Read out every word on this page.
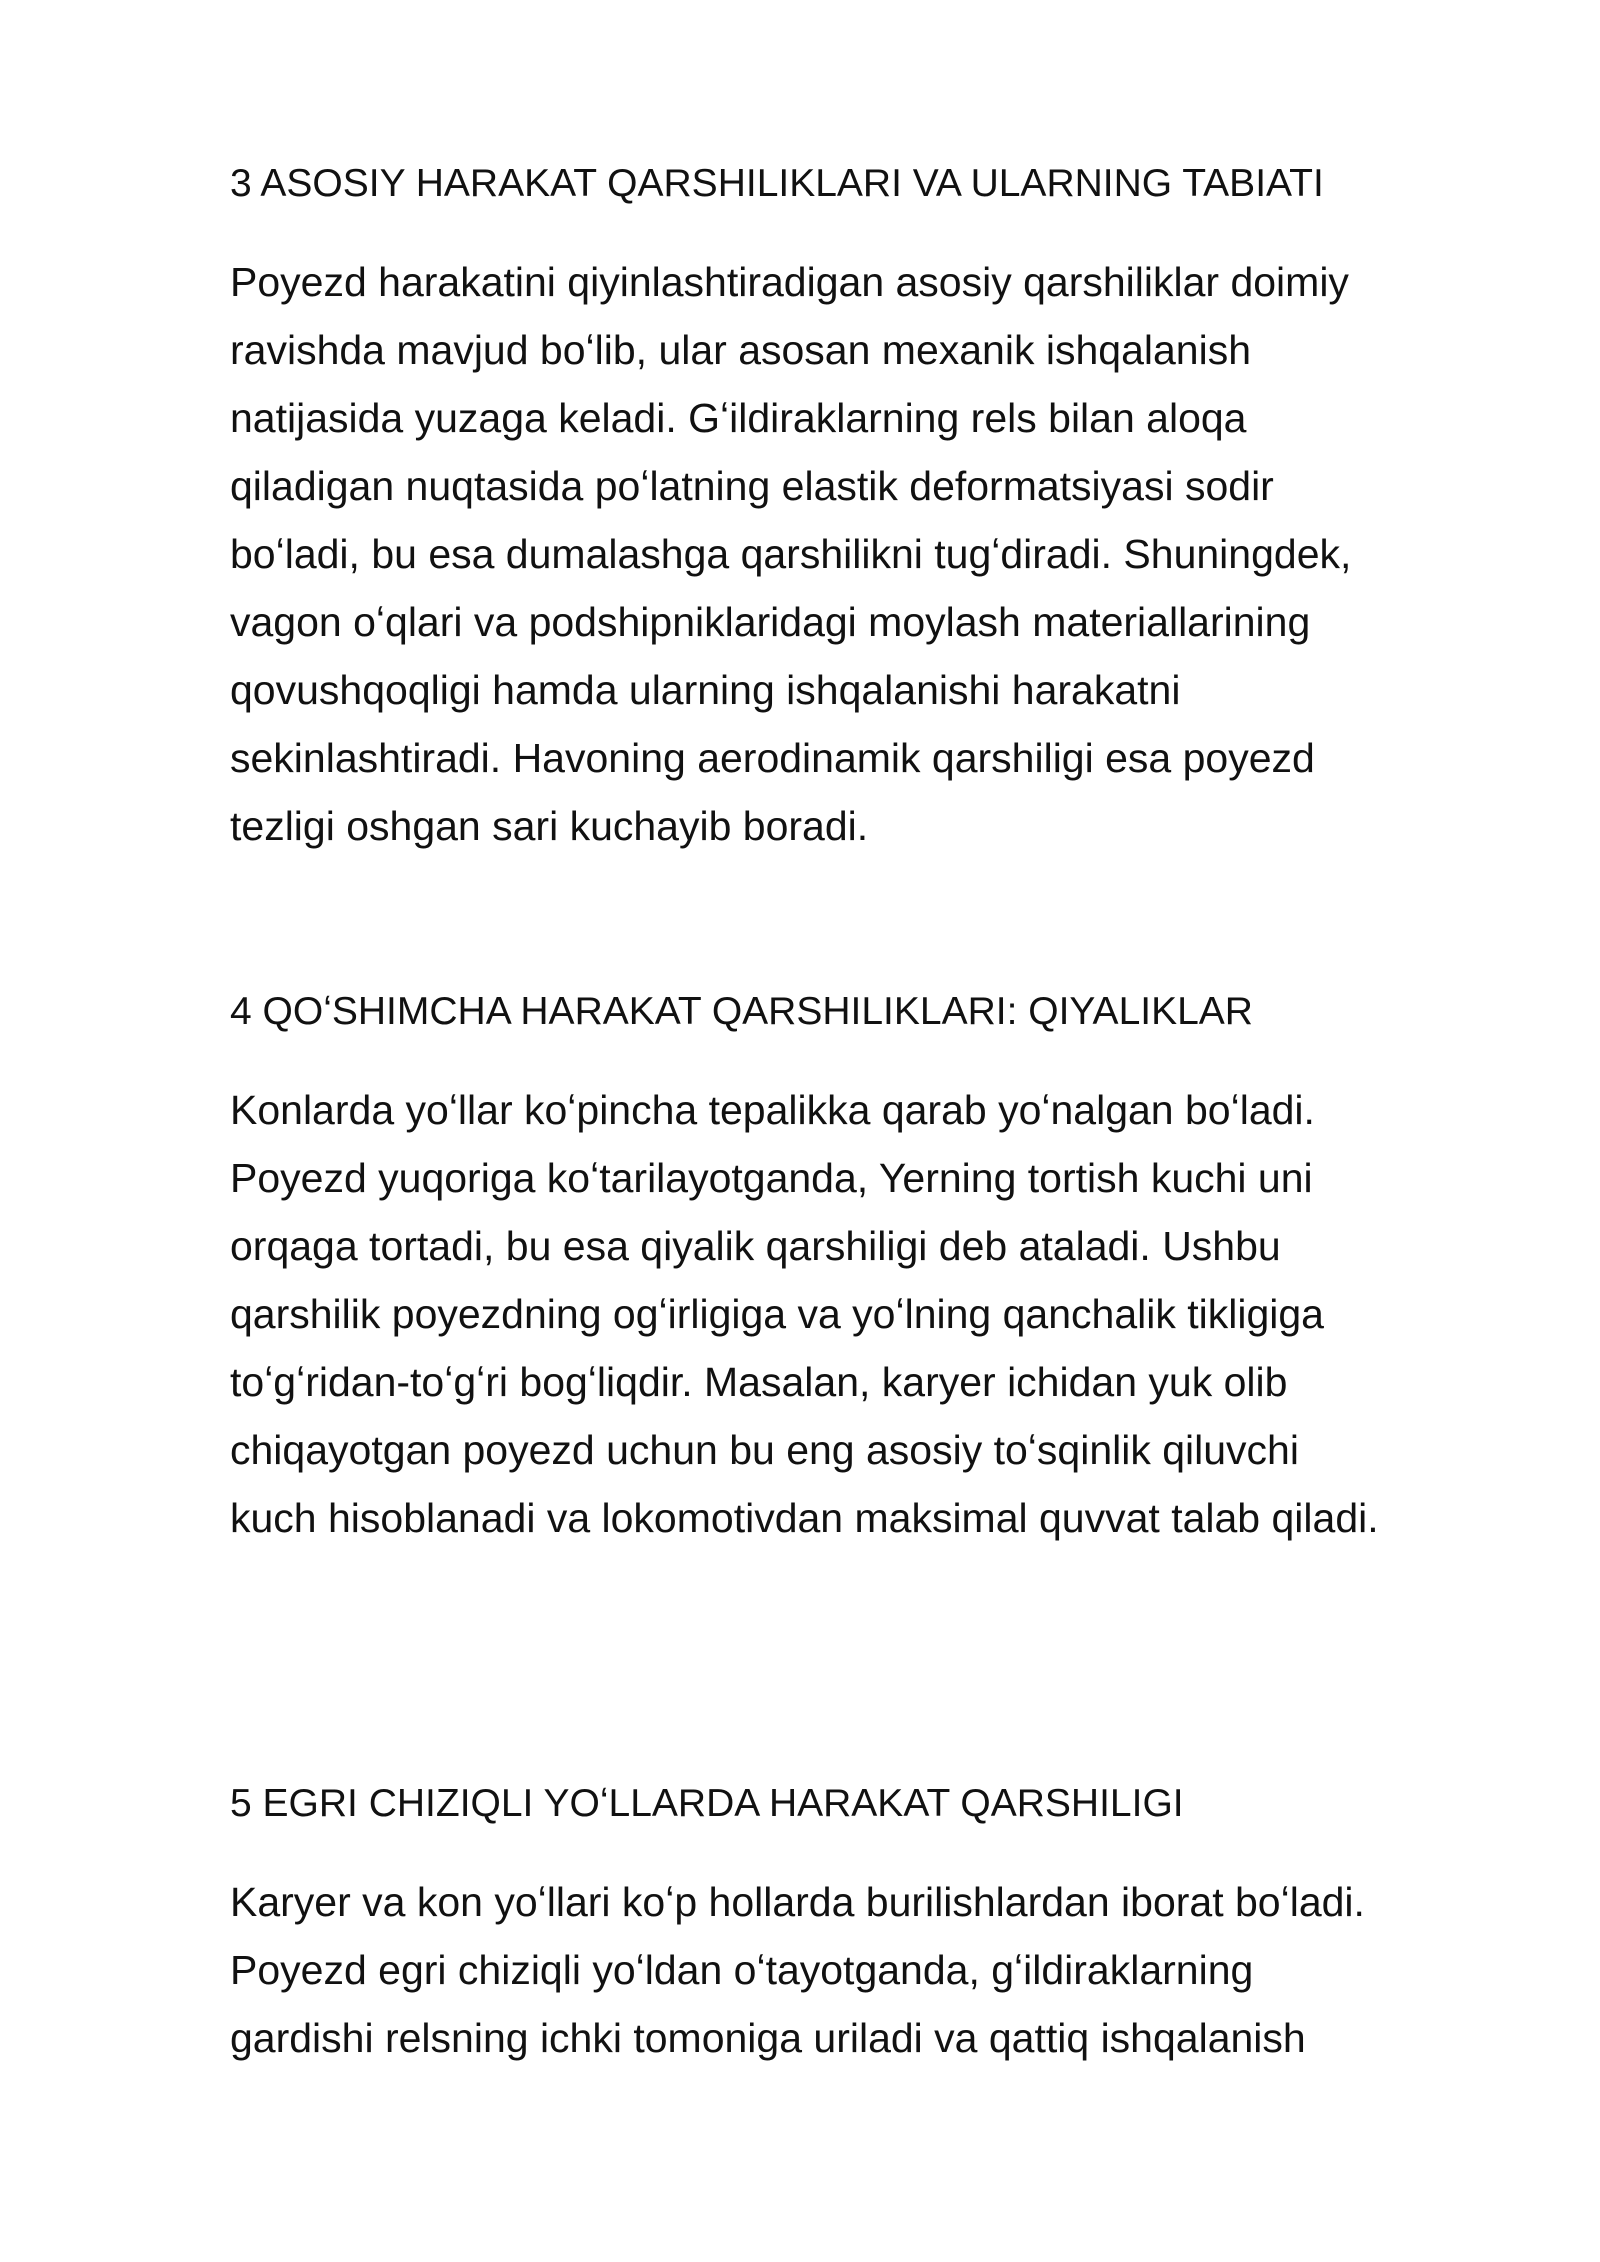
3 ASOSIY HARAKAT QARSHILIKLARI VA ULARNING TABIATI

Poyezd harakatini qiyinlashtiradigan asosiy qarshiliklar doimiy
ravishda mavjud boʻlib, ular asosan mexanik ishqalanish
natijasida yuzaga keladi. Gʻildiraklarning rels bilan aloqa
qiladigan nuqtasida poʻlatning elastik deformatsiyasi sodir
boʻladi, bu esa dumalashga qarshilikni tugʻdiradi. Shuningdek,
vagon oʻqlari va podshipniklaridagi moylash materiallarining
qovushqoqligi hamda ularning ishqalanishi harakatni
sekinlashtiradi. Havoning aerodinamik qarshiligi esa poyezd
tezligi oshgan sari kuchayib boradi.

4 QOʻSHIMCHA HARAKAT QARSHILIKLARI: QIYALIKLAR

Konlarda yoʻllar koʻpincha tepalikka qarab yoʻnalgan boʻladi.
Poyezd yuqoriga koʻtarilayotganda, Yerning tortish kuchi uni
orqaga tortadi, bu esa qiyalik qarshiligi deb ataladi. Ushbu
qarshilik poyezdning ogʻirligiga va yoʻlning qanchalik tikligiga
toʻgʻridan-toʻgʻri bogʻliqdir. Masalan, karyer ichidan yuk olib
chiqayotgan poyezd uchun bu eng asosiy toʻsqinlik qiluvchi
kuch hisoblanadi va lokomotivdan maksimal quvvat talab qiladi.

5 EGRI CHIZIQLI YOʻLLARDA HARAKAT QARSHILIGI

Karyer va kon yoʻllari koʻp hollarda burilishlardan iborat boʻladi.
Poyezd egri chiziqli yoʻldan oʻtayotganda, gʻildiraklarning
gardishi relsning ichki tomoniga uriladi va qattiq ishqalanish
